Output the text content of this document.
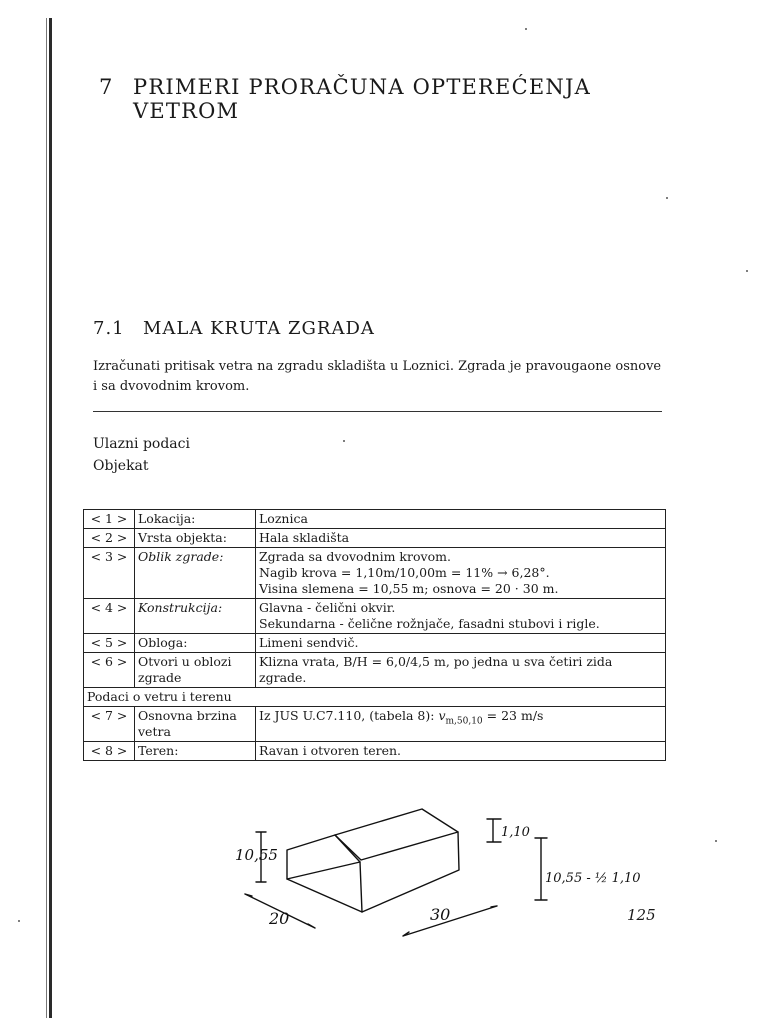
7 PRIMERI PRORAČUNA OPTEREĆENJA
VETROM
7.1 MALA KRUTA ZGRADA
Izračunati pritisak vetra na zgradu skladišta u Loznici. Zgrada je pravougaone osnove i sa dvovodnim krovom.
Ulazni podaci
Objekat
< 1 >	Lokacija:	Loznica

< 2 >	Vrsta objekta:	Hala skladišta

< 3 >	Oblik zgrade:	Zgrada sa dvovodnim krovom.
Nagib krova = 1,10m/10,00m = 11% → 6,28°.
Visina slemena = 10,55 m; osnova = 20 · 30 m.

< 4 >	Konstrukcija:	Glavna - čelični okvir.
Sekundarna - čelične rožnjače, fasadni stubovi i rigle.

< 5 >	Obloga:	Limeni sendvič.

< 6 >	Otvori u oblozi zgrade	Klizna vrata, B/H = 6,0/4,5 m, po jedna u sva četiri zida zgrade.

Podaci o vetru i terenu		
< 7 >	Osnovna brzina vetra	Iz JUS U.C7.110, (tabela 8): $v_{m,50,10} = 23$ m/s
< 8 >	Teren:	Ravan i otvoren teren.
10,55
1,10
10,55 - ½ 1,10
20	30	125
